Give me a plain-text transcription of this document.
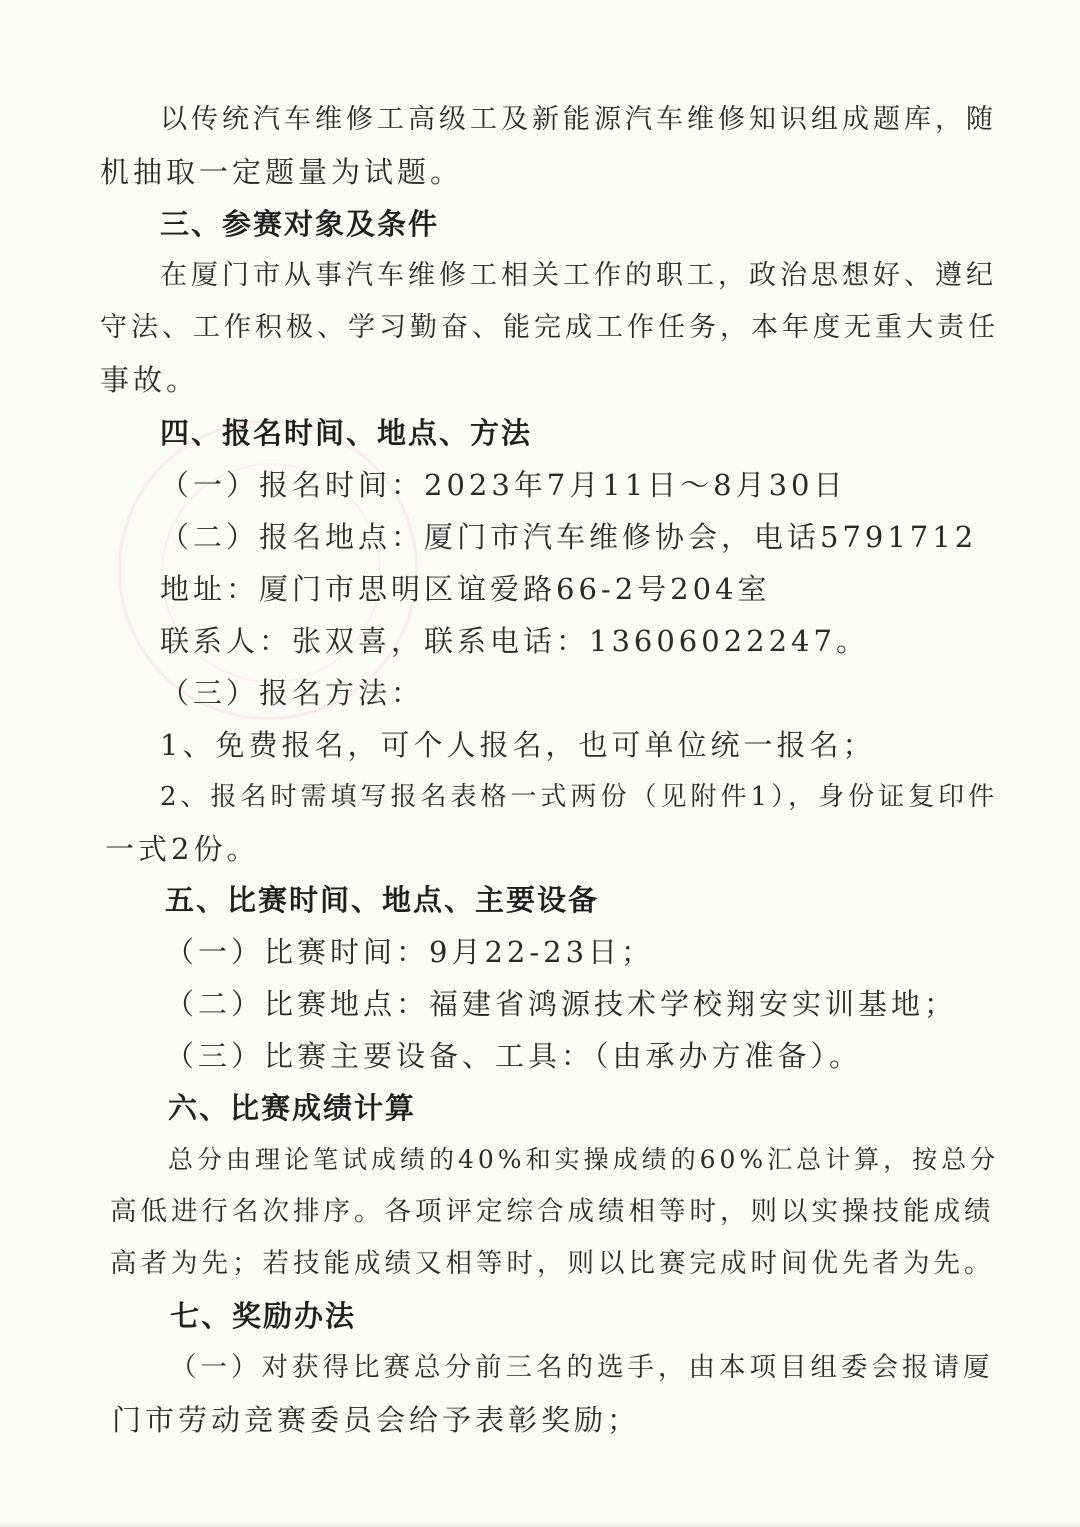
以传统汽车维修工高级工及新能源汽车维修知识组成题库，随
机抽取一定题量为试题。
三、参赛对象及条件
在厦门市从事汽车维修工相关工作的职工，政治思想好、遵纪
守法、工作积极、学习勤奋、能完成工作任务，本年度无重大责任
事故。
四、报名时间、地点、方法
（一）报名时间：2023年7月11日～8月30日
（二）报名地点：厦门市汽车维修协会，电话5791712
地址：厦门市思明区谊爱路66-2号204室
联系人：张双喜，联系电话：13606022247。
（三）报名方法：
1、免费报名，可个人报名，也可单位统一报名；
2、报名时需填写报名表格一式两份（见附件1），身份证复印件
一式2份。
五、比赛时间、地点、主要设备
（一）比赛时间：9月22-23日；
（二）比赛地点：福建省鸿源技术学校翔安实训基地；
（三）比赛主要设备、工具：（由承办方准备）。
六、比赛成绩计算
总分由理论笔试成绩的40%和实操成绩的60%汇总计算，按总分
高低进行名次排序。各项评定综合成绩相等时，则以实操技能成绩
高者为先；若技能成绩又相等时，则以比赛完成时间优先者为先。
七、奖励办法
（一）对获得比赛总分前三名的选手，由本项目组委会报请厦
门市劳动竞赛委员会给予表彰奖励；
